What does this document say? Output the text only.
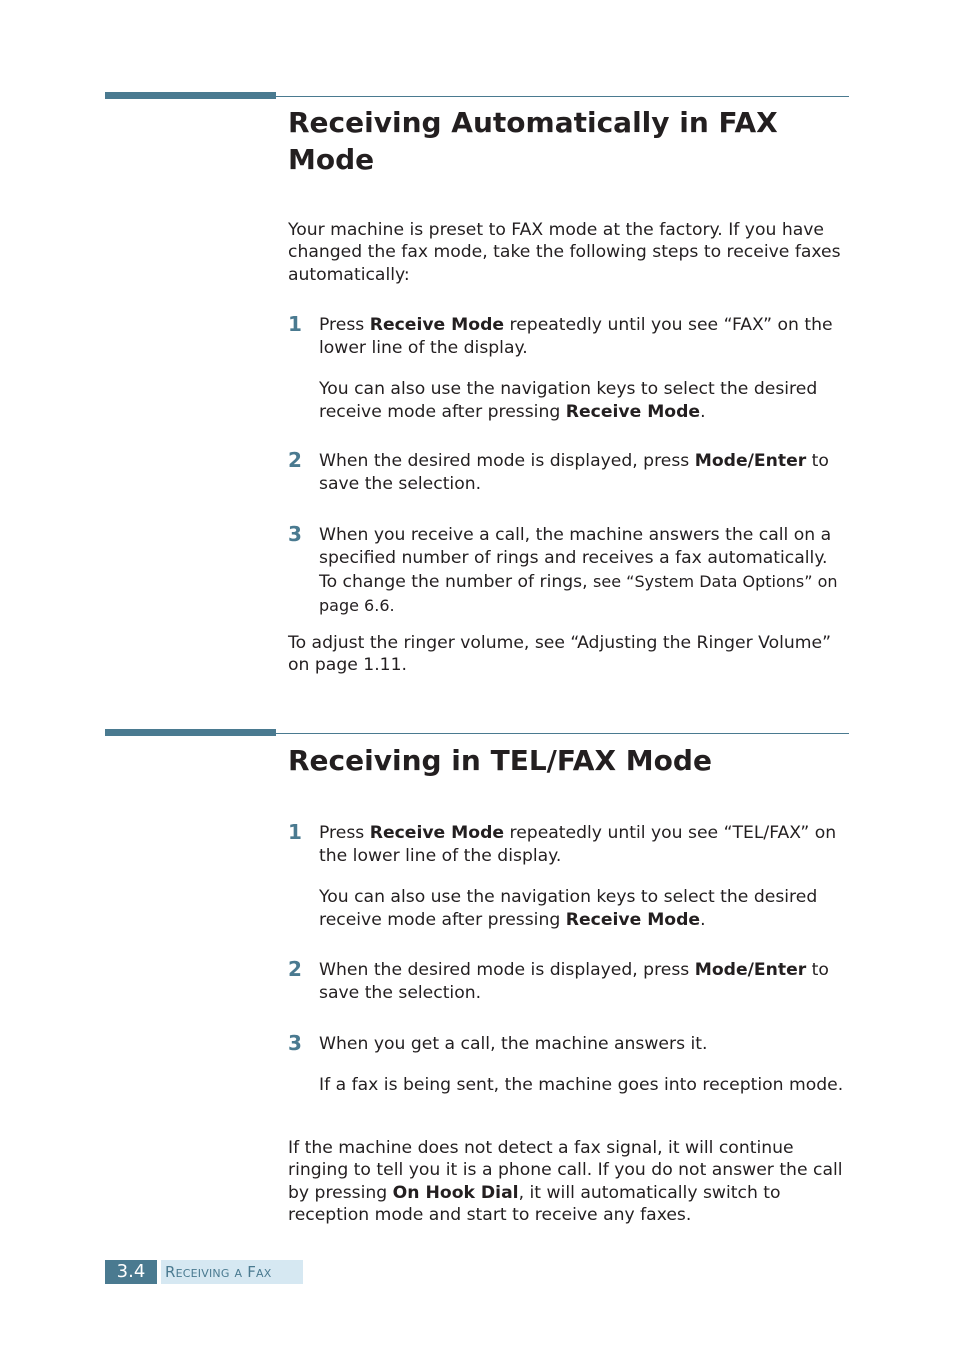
Receiving Automatically in FAX Mode

Your machine is preset to FAX mode at the factory. If you have changed the fax mode, take the following steps to receive faxes automatically:

1 Press Receive Mode repeatedly until you see “FAX” on the lower line of the display.

You can also use the navigation keys to select the desired receive mode after pressing Receive Mode.

2 When the desired mode is displayed, press Mode/Enter to save the selection.

3 When you receive a call, the machine answers the call on a specified number of rings and receives a fax automatically.

To change the number of rings, see “System Data Options” on page 6.6.

To adjust the ringer volume, see “Adjusting the Ringer Volume” on page 1.11.

Receiving in TEL/FAX Mode
1 Press Receive Mode repeatedly until you see “TEL/FAX” on the lower line of the display.

You can also use the navigation keys to select the desired receive mode after pressing Receive Mode.

2 When the desired mode is displayed, press Mode/Enter to save the selection.

3 When you get a call, the machine answers it.

If a fax is being sent, the machine goes into reception mode.

If the machine does not detect a fax signal, it will continue ringing to tell you it is a phone call. If you do not answer the call by pressing On Hook Dial, it will automatically switch to reception mode and start to receive any faxes.

3.4	Receiving a Fax
